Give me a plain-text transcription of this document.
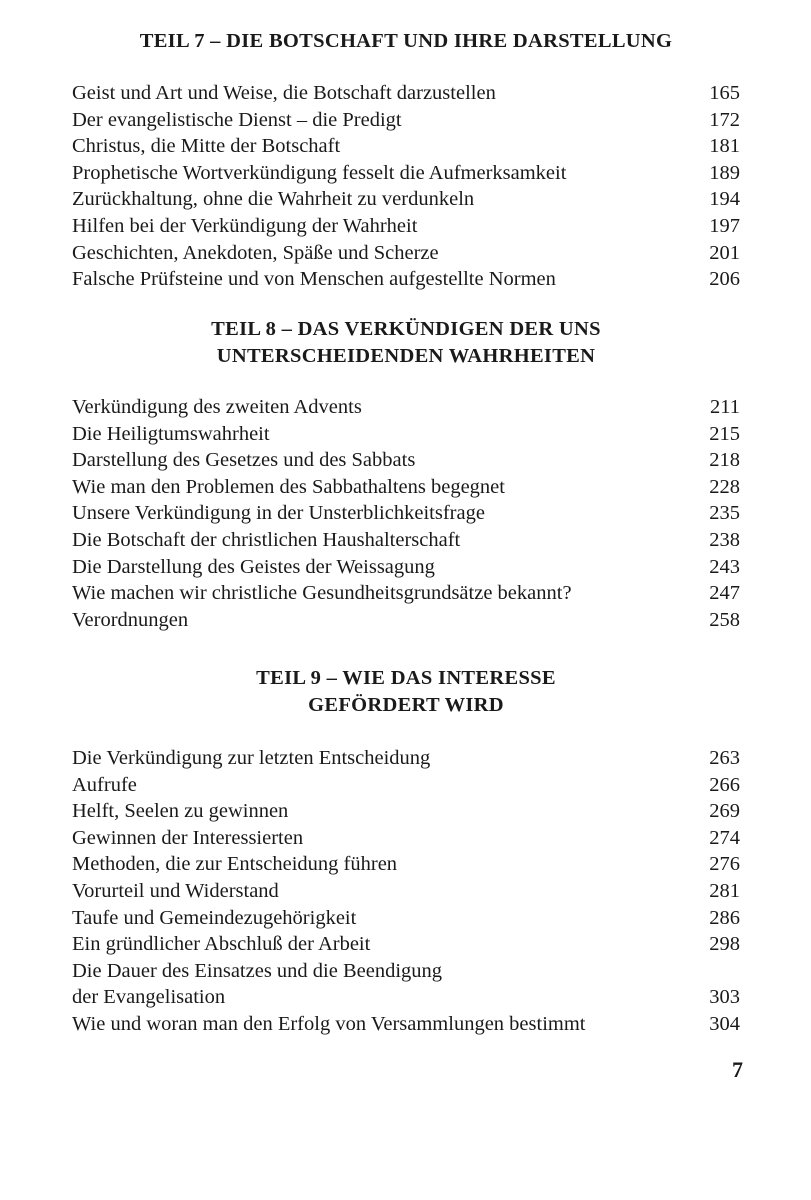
TEIL 7 – DIE BOTSCHAFT UND IHRE DARSTELLUNG
Geist und Art und Weise, die Botschaft darzustellen	165
Der evangelistische Dienst – die Predigt	172
Christus, die Mitte der Botschaft	181
Prophetische Wortverkündigung fesselt die Aufmerksamkeit	189
Zurückhaltung, ohne die Wahrheit zu verdunkeln	194
Hilfen bei der Verkündigung der Wahrheit	197
Geschichten, Anekdoten, Späße und Scherze	201
Falsche Prüfsteine und von Menschen aufgestellte Normen	206
TEIL 8 – DAS VERKÜNDIGEN DER UNS
UNTERSCHEIDENDEN WAHRHEITEN
Verkündigung des zweiten Advents	211
Die Heiligtumswahrheit	215
Darstellung des Gesetzes und des Sabbats	218
Wie man den Problemen des Sabbathaltens begegnet	228
Unsere Verkündigung in der Unsterblichkeitsfrage	235
Die Botschaft der christlichen Haushalterschaft	238
Die Darstellung des Geistes der Weissagung	243
Wie machen wir christliche Gesundheitsgrundsätze bekannt?	247
Verordnungen	258
TEIL 9 – WIE DAS INTERESSE
GEFÖRDERT WIRD
Die Verkündigung zur letzten Entscheidung	263
Aufrufe	266
Helft, Seelen zu gewinnen	269
Gewinnen der Interessierten	274
Methoden, die zur Entscheidung führen	276
Vorurteil und Widerstand	281
Taufe und Gemeindezugehörigkeit	286
Ein gründlicher Abschluß der Arbeit	298
Die Dauer des Einsatzes und die Beendigung
der Evangelisation	303
Wie und woran man den Erfolg von Versammlungen bestimmt	304
7
